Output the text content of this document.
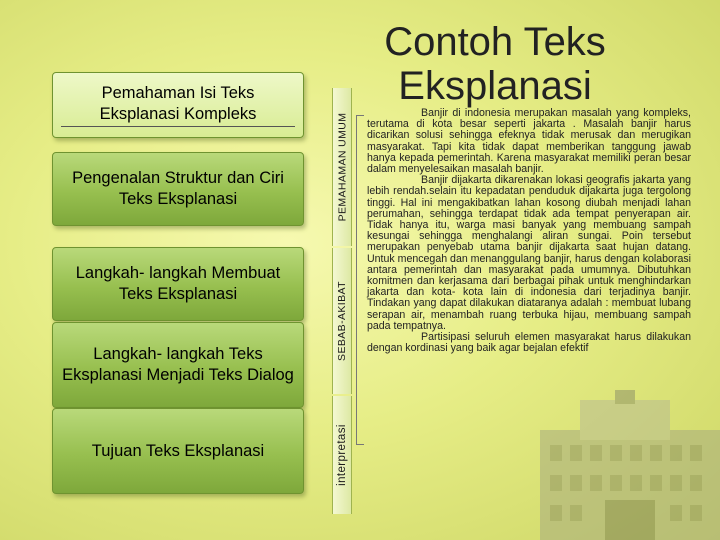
Pemahaman Isi Teks Eksplanasi Kompleks
Pengenalan Struktur dan Ciri Teks Eksplanasi
Langkah- langkah Membuat Teks Eksplanasi
Langkah- langkah Teks Eksplanasi Menjadi Teks Dialog
Tujuan Teks Eksplanasi
PEMAHAMAN UMUM
SEBAB-AKIBAT
interpretasi
Contoh Teks
Eksplanasi

Banjir di indonesia merupakan masalah yang kompleks, terutama di kota besar seperti jakarta . Masalah banjir harus dicarikan solusi sehingga efeknya tidak merusak dan merugikan masyarakat. Tapi kita tidak dapat memberikan tanggung jawab hanya kepada pemerintah. Karena masyarakat memiliki peran besar dalam menyelesaikan masalah banjir.

Banjir dijakarta dikarenakan lokasi geografis jakarta yang lebih rendah.selain itu kepadatan penduduk dijakarta juga tergolong tinggi. Hal ini mengakibatkan lahan kosong diubah menjadi lahan perumahan, sehingga terdapat tidak ada tempat penyerapan air. Tidak hanya itu, warga masi banyak yang membuang sampah kesungai sehingga menghalangi aliran sungai. Poin tersebut merupakan penyebab utama banjir dijakarta saat hujan datang. Untuk mencegah dan menanggulang banjir, harus dengan kolaborasi antara pemerintah dan masyarakat pada umumnya. Dibutuhkan komitmen dan kerjasama dari berbagai pihak untuk menghindarkan jakarta dan kota- kota lain di indonesia dari terjadinya banjir. Tindakan yang dapat dilakukan diataranya adalah : membuat lubang serapan air, menambah ruang terbuka hijau, membuang sampah pada tempatnya.

Partisipasi seluruh elemen masyarakat harus dilakukan dengan kordinasi yang baik agar bejalan efektif
